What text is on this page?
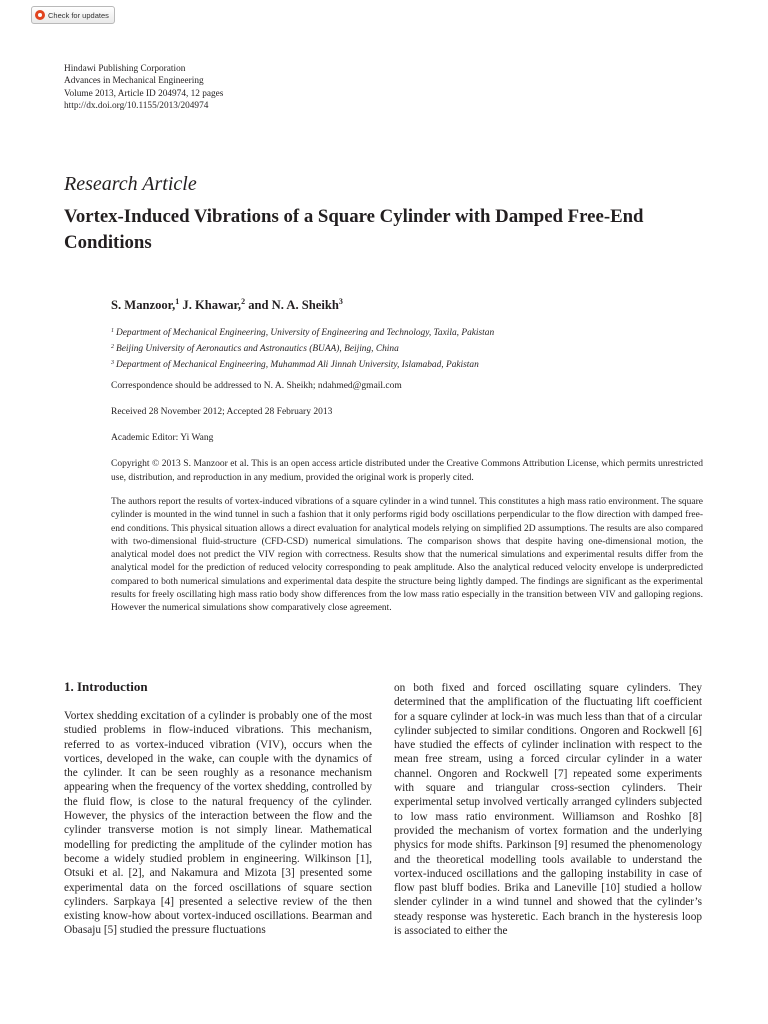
Check for updates
Hindawi Publishing Corporation
Advances in Mechanical Engineering
Volume 2013, Article ID 204974, 12 pages
http://dx.doi.org/10.1155/2013/204974
Research Article
Vortex-Induced Vibrations of a Square Cylinder with Damped Free-End Conditions
S. Manzoor,$^1$ J. Khawar,$^2$ and N. A. Sheikh$^3$
$^1$ Department of Mechanical Engineering, University of Engineering and Technology, Taxila, Pakistan
$^2$ Beijing University of Aeronautics and Astronautics (BUAA), Beijing, China
$^3$ Department of Mechanical Engineering, Muhammad Ali Jinnah University, Islamabad, Pakistan
Correspondence should be addressed to N. A. Sheikh; ndahmed@gmail.com
Received 28 November 2012; Accepted 28 February 2013
Academic Editor: Yi Wang
Copyright © 2013 S. Manzoor et al. This is an open access article distributed under the Creative Commons Attribution License, which permits unrestricted use, distribution, and reproduction in any medium, provided the original work is properly cited.
The authors report the results of vortex-induced vibrations of a square cylinder in a wind tunnel. This constitutes a high mass ratio environment. The square cylinder is mounted in the wind tunnel in such a fashion that it only performs rigid body oscillations perpendicular to the flow direction with damped free-end conditions. This physical situation allows a direct evaluation for analytical models relying on simplified 2D assumptions. The results are also compared with two-dimensional fluid-structure (CFD-CSD) numerical simulations. The comparison shows that despite having one-dimensional motion, the analytical model does not predict the VIV region with correctness. Results show that the numerical simulations and experimental results differ from the analytical model for the prediction of reduced velocity corresponding to peak amplitude. Also the analytical reduced velocity envelope is underpredicted compared to both numerical simulations and experimental data despite the structure being lightly damped. The findings are significant as the experimental results for freely oscillating high mass ratio body show differences from the low mass ratio especially in the transition between VIV and galloping regions. However the numerical simulations show comparatively close agreement.
1. Introduction
Vortex shedding excitation of a cylinder is probably one of the most studied problems in flow-induced vibrations. This mechanism, referred to as vortex-induced vibration (VIV), occurs when the vortices, developed in the wake, can couple with the dynamics of the cylinder. It can be seen roughly as a resonance mechanism appearing when the frequency of the vortex shedding, controlled by the fluid flow, is close to the natural frequency of the cylinder. However, the physics of the interaction between the flow and the cylinder transverse motion is not simply linear. Mathematical modelling for predicting the amplitude of the cylinder motion has become a widely studied problem in engineering. Wilkinson [1], Otsuki et al. [2], and Nakamura and Mizota [3] presented some experimental data on the forced oscillations of square section cylinders. Sarpkaya [4] presented a selective review of the then existing know-how about vortex-induced oscillations. Bearman and Obasaju [5] studied the pressure fluctuations
on both fixed and forced oscillating square cylinders. They determined that the amplification of the fluctuating lift coefficient for a square cylinder at lock-in was much less than that of a circular cylinder subjected to similar conditions. Ongoren and Rockwell [6] have studied the effects of cylinder inclination with respect to the mean free stream, using a forced circular cylinder in a water channel. Ongoren and Rockwell [7] repeated some experiments with square and triangular cross-section cylinders. Their experimental setup involved vertically arranged cylinders subjected to low mass ratio environment. Williamson and Roshko [8] provided the mechanism of vortex formation and the underlying physics for mode shifts. Parkinson [9] resumed the phenomenology and the theoretical modelling tools available to understand the vortex-induced oscillations and the galloping instability in case of flow past bluff bodies. Brika and Laneville [10] studied a hollow slender cylinder in a wind tunnel and showed that the cylinder’s steady response was hysteretic. Each branch in the hysteresis loop is associated to either the
